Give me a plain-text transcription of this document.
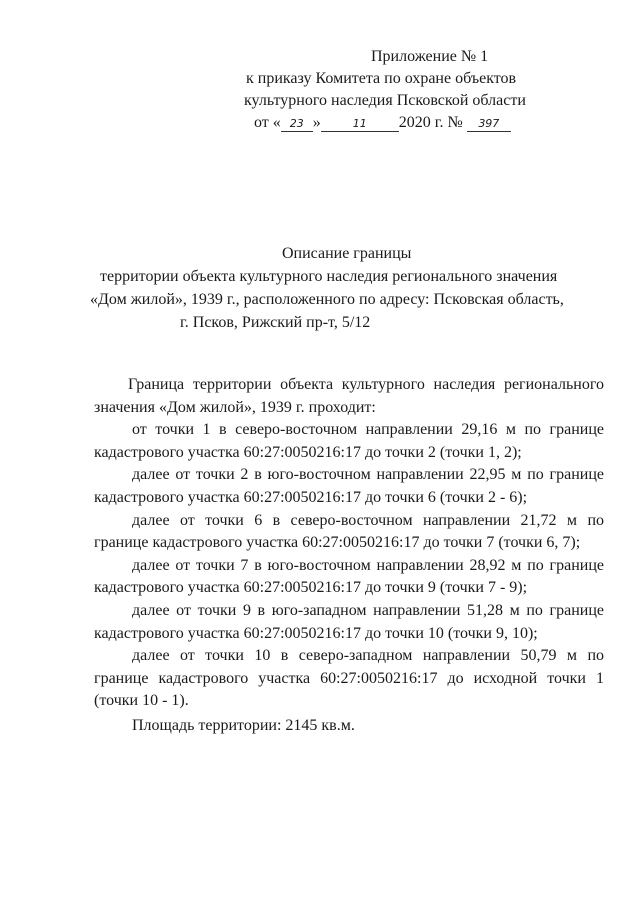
Приложение № 1
к приказу Комитета по охране объектов
культурного наследия Псковской области
от « 23 »	11 2020 г. № 397
Описание границы
территории объекта культурного наследия регионального значения
«Дом жилой», 1939 г., расположенного по адресу: Псковская область,
г. Псков, Рижский пр-т, 5/12

Граница территории объекта культурного наследия регионального значения «Дом жилой», 1939 г. проходит:

от точки 1 в северо-восточном направлении 29,16 м по границе кадастрового участка 60:27:0050216:17 до точки 2 (точки 1, 2);

далее от точки 2 в юго-восточном направлении 22,95 м по границе кадастрового участка 60:27:0050216:17 до точки 6 (точки 2 - 6);

далее от точки 6 в северо-восточном направлении 21,72 м по границе кадастрового участка 60:27:0050216:17 до точки 7 (точки 6, 7);

далее от точки 7 в юго-восточном направлении 28,92 м по границе кадастрового участка 60:27:0050216:17 до точки 9 (точки 7 - 9);

далее от точки 9 в юго-западном направлении 51,28 м по границе кадастрового участка 60:27:0050216:17 до точки 10 (точки 9, 10);

далее от точки 10 в северо-западном направлении 50,79 м по границе кадастрового участка 60:27:0050216:17 до исходной точки 1 (точки 10 - 1).

Площадь территории: 2145 кв.м.
